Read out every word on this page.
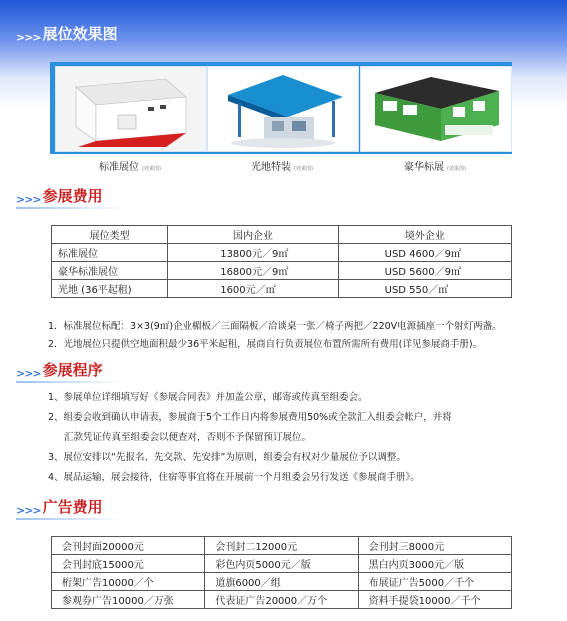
>>> 展位效果图
标准展位 (效果图)	光地特装 (效果图)	豪华标展 (效果图)
>>> 参展费用
展位类型	国内企业	境外企业
标准展位	13800元／9㎡	USD 4600／9㎡
豪华标准展位	16800元／9㎡	USD 5600／9㎡
光地 (36平起租)	1600元／㎡	USD 550／㎡
1．标准展位标配：3×3(9㎡)企业楣板／三面隔板／洽谈桌一张／椅子两把／220V电源插座一个射灯两盏。
2．光地展位只提供空地面积最少36平米起租，展商自行负责展位布置所需所有费用(详见参展商手册)。
>>> 参展程序
1、参展单位详细填写好《参展合同表》并加盖公章，邮寄或传真至组委会。
2、组委会收到确认申请表，参展商于5个工作日内将参展费用50%或全款汇入组委会帐户，并将
汇款凭证传真至组委会以便查对，否则不予保留预订展位。
3、展位安排以“先报名、先交款、先安排”为原则，组委会有权对少量展位予以调整。
4、展品运输，展会接待，住宿等事宜将在开展前一个月组委会另行发送《参展商手册》。
>>> 广告费用
会刊封面20000元	会刊封二12000元	会刊封三8000元
会刊封底15000元	彩色内页5000元／版	黑白内页3000元／版
桁架广告10000／个	道旗6000／组	布展证广告5000／千个
参观券广告10000／万张	代表证广告20000／万个	资料手提袋10000／千个
